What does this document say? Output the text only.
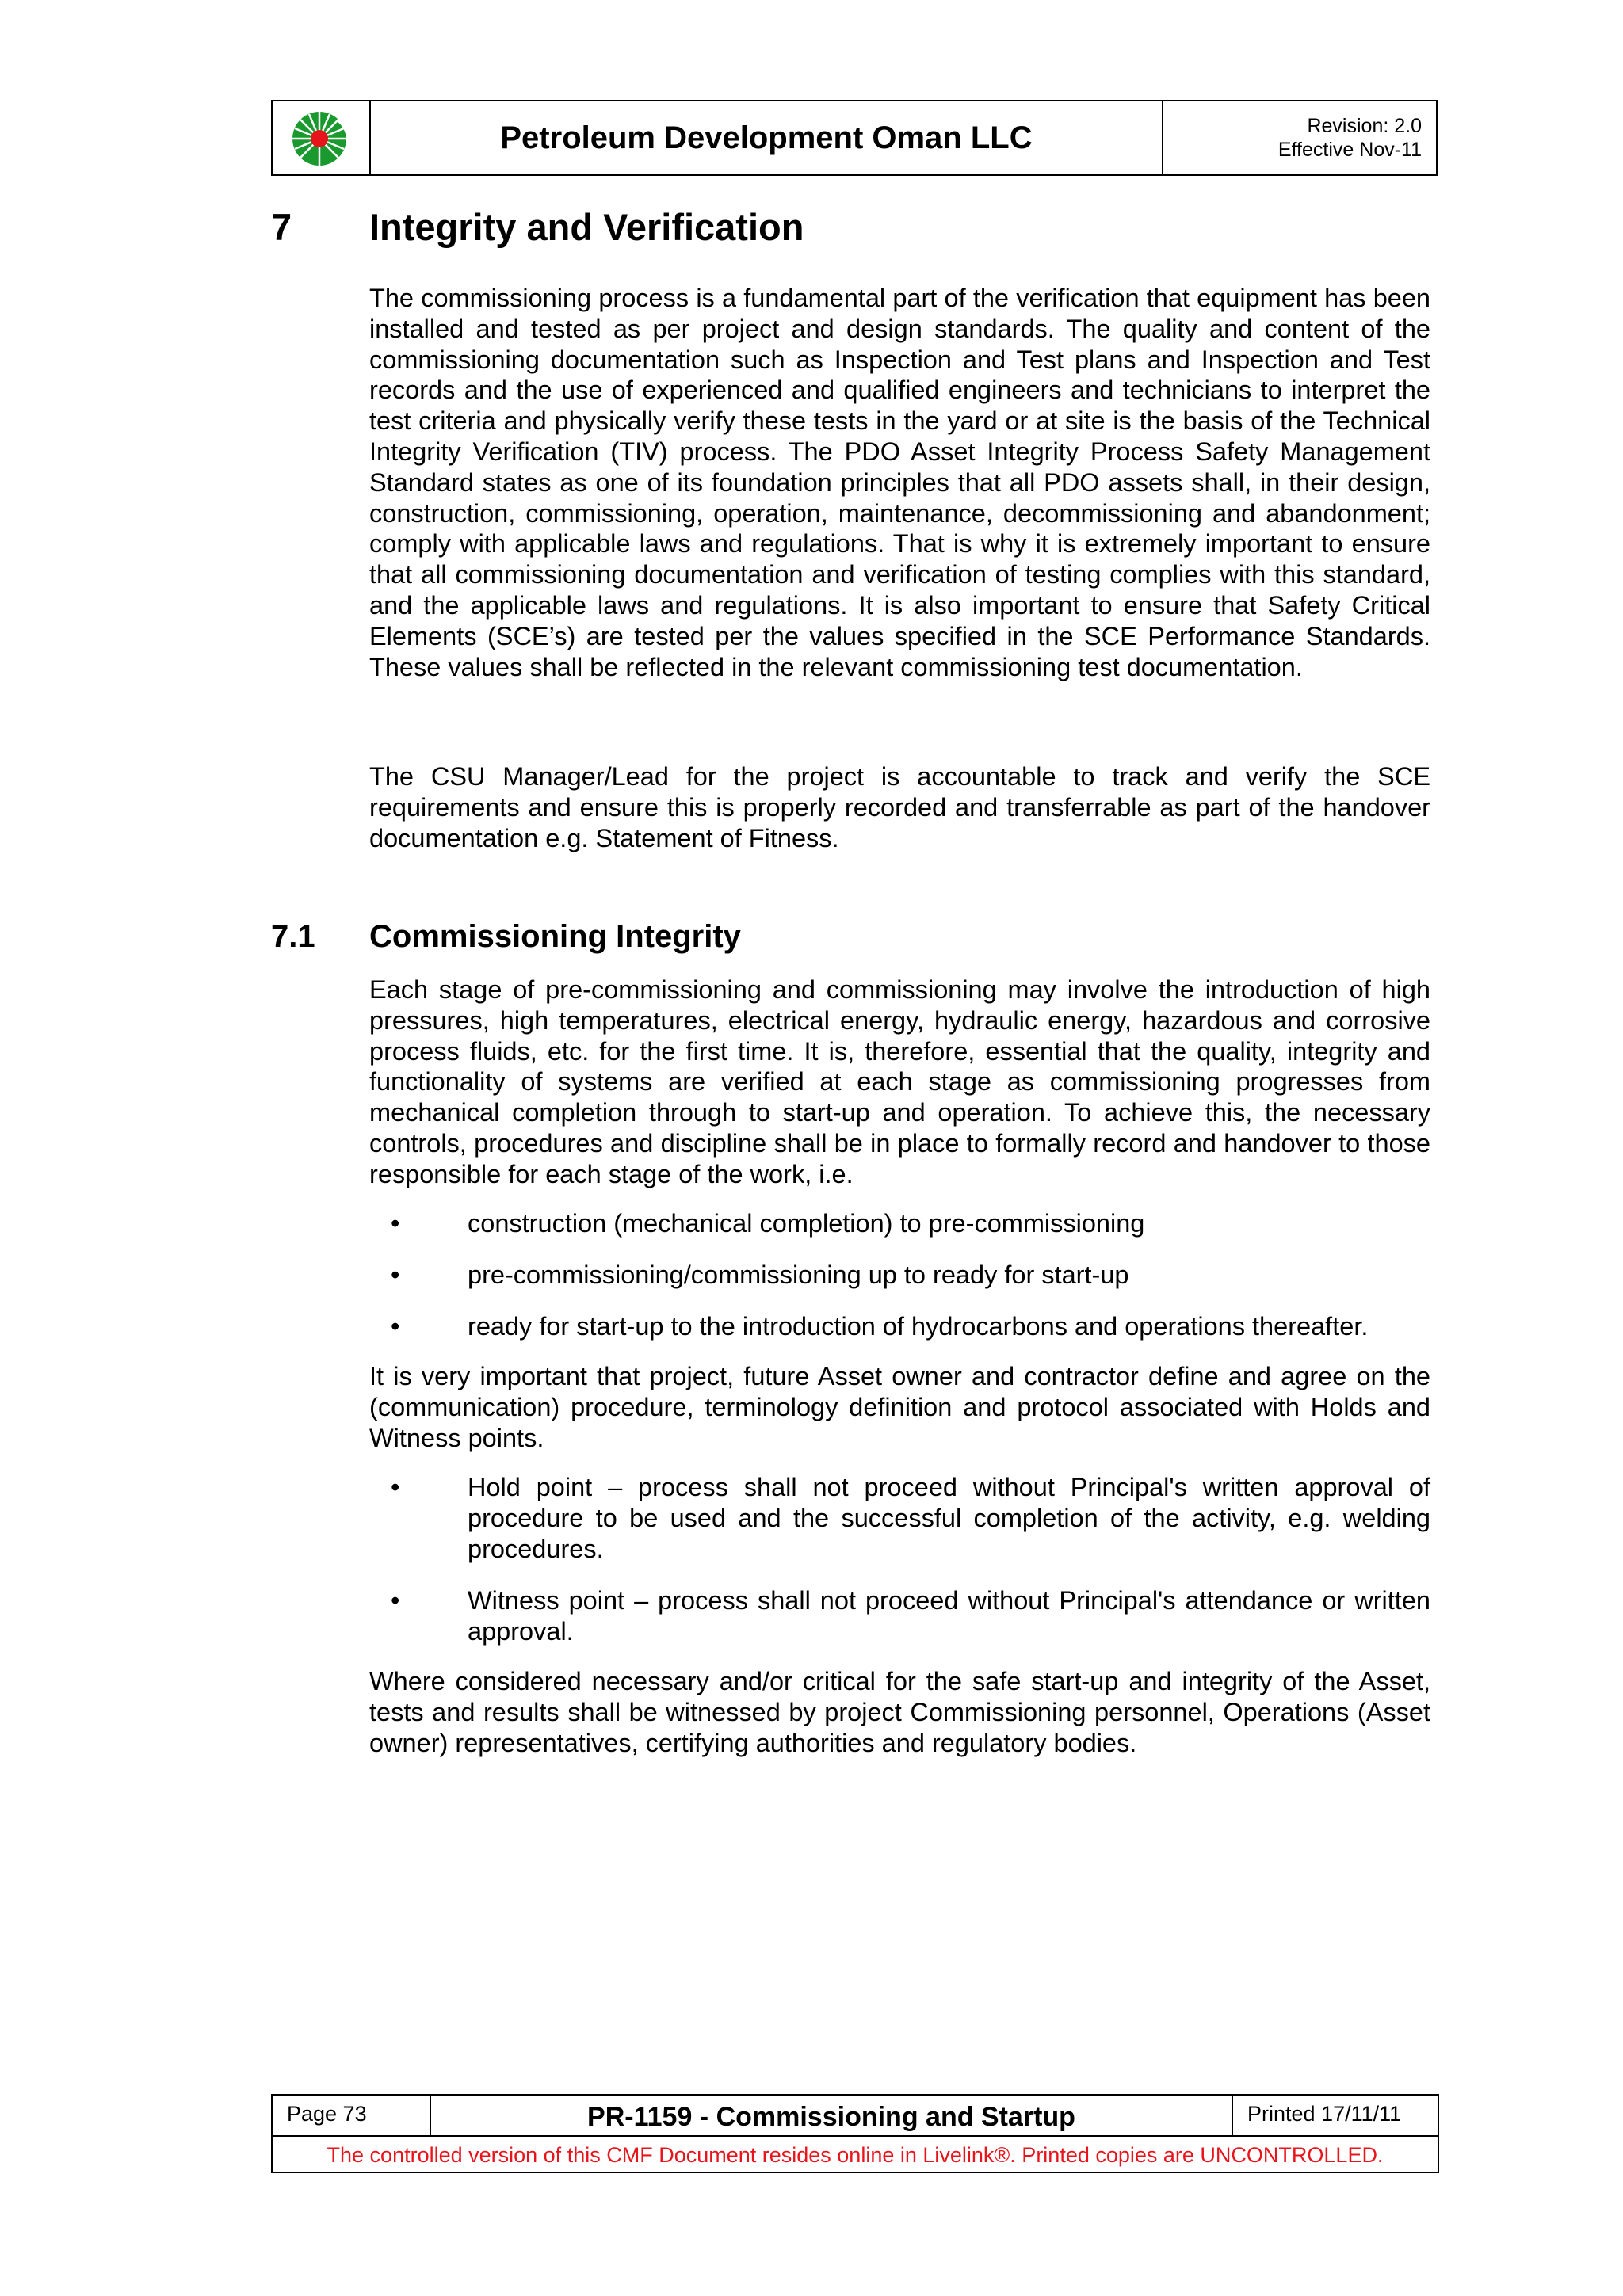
Petroleum Development Oman LLC	Revision: 2.0
Effective Nov-11
7 Integrity and Verification

The commissioning process is a fundamental part of the verification that equipment has been installed and tested as per project and design standards. The quality and content of the commissioning documentation such as Inspection and Test plans and Inspection and Test records and the use of experienced and qualified engineers and technicians to interpret the test criteria and physically verify these tests in the yard or at site is the basis of the Technical Integrity Verification (TIV) process. The PDO Asset Integrity Process Safety Management Standard states as one of its foundation principles that all PDO assets shall, in their design, construction, commissioning, operation, maintenance, decommissioning and abandonment; comply with applicable laws and regulations. That is why it is extremely important to ensure that all commissioning documentation and verification of testing complies with this standard, and the applicable laws and regulations. It is also important to ensure that Safety Critical Elements (SCE’s) are tested per the values specified in the SCE Performance Standards. These values shall be reflected in the relevant commissioning test documentation.

The CSU Manager/Lead for the project is accountable to track and verify the SCE requirements and ensure this is properly recorded and transferrable as part of the handover documentation e.g. Statement of Fitness.

7.1 Commissioning Integrity

Each stage of pre-commissioning and commissioning may involve the introduction of high pressures, high temperatures, electrical energy, hydraulic energy, hazardous and corrosive process fluids, etc. for the first time. It is, therefore, essential that the quality, integrity and functionality of systems are verified at each stage as commissioning progresses from mechanical completion through to start-up and operation. To achieve this, the necessary controls, procedures and discipline shall be in place to formally record and handover to those responsible for each stage of the work, i.e.

•	construction (mechanical completion) to pre-commissioning
•	pre-commissioning/commissioning up to ready for start-up
•	ready for start-up to the introduction of hydrocarbons and operations thereafter.

It is very important that project, future Asset owner and contractor define and agree on the (communication) procedure, terminology definition and protocol associated with Holds and Witness points.

•	Hold point – process shall not proceed without Principal's written approval of procedure to be used and the successful completion of the activity, e.g. welding procedures.
•	Witness point – process shall not proceed without Principal's attendance or written approval.

Where considered necessary and/or critical for the safe start-up and integrity of the Asset, tests and results shall be witnessed by project Commissioning personnel, Operations (Asset owner) representatives, certifying authorities and regulatory bodies.

Page 73	PR-1159 - Commissioning and Startup	Printed 17/11/11
The controlled version of this CMF Document resides online in Livelink®. Printed copies are UNCONTROLLED.
